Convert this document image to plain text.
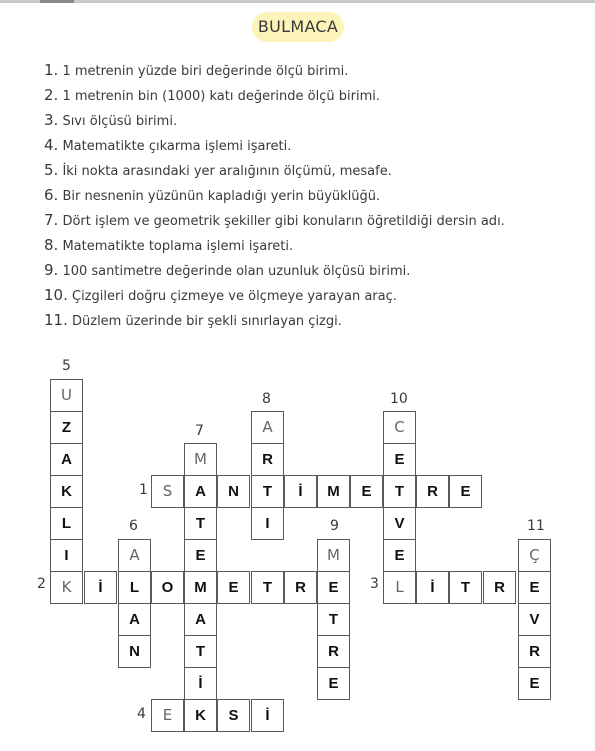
BULMACA
1. 1 metrenin yüzde biri değerinde ölçü birimi.
2. 1 metrenin bin (1000) katı değerinde ölçü birimi.
3. Sıvı ölçüsü birimi.
4. Matematikte çıkarma işlemi işareti.
5. İki nokta arasındaki yer aralığının ölçümü, mesafe.
6. Bir nesnenin yüzünün kapladığı yerin büyüklüğü.
7. Dört işlem ve geometrik şekiller gibi konuların öğretildiği dersin adı.
8. Matematikte toplama işlemi işareti.
9. 100 santimetre değerinde olan uzunluk ölçüsü birimi.
10. Çizgileri doğru çizmeye ve ölçmeye yarayan araç.
11. Düzlem üzerinde bir şekli sınırlayan çizgi.
5
8	10
7
1
6	9	11
2	3
4
U
Z
A
K
L
I
C
E
V
E
A
R
I
M
T
E
A
T
İ
S	A	N	T	İ	M	E	T	R	E
M
T
R
E
A
A
N
Ç
V
R
E
K	İ	L	O	M	E	T	R	E	L	İ	T	R	E
E	K	S	İ
